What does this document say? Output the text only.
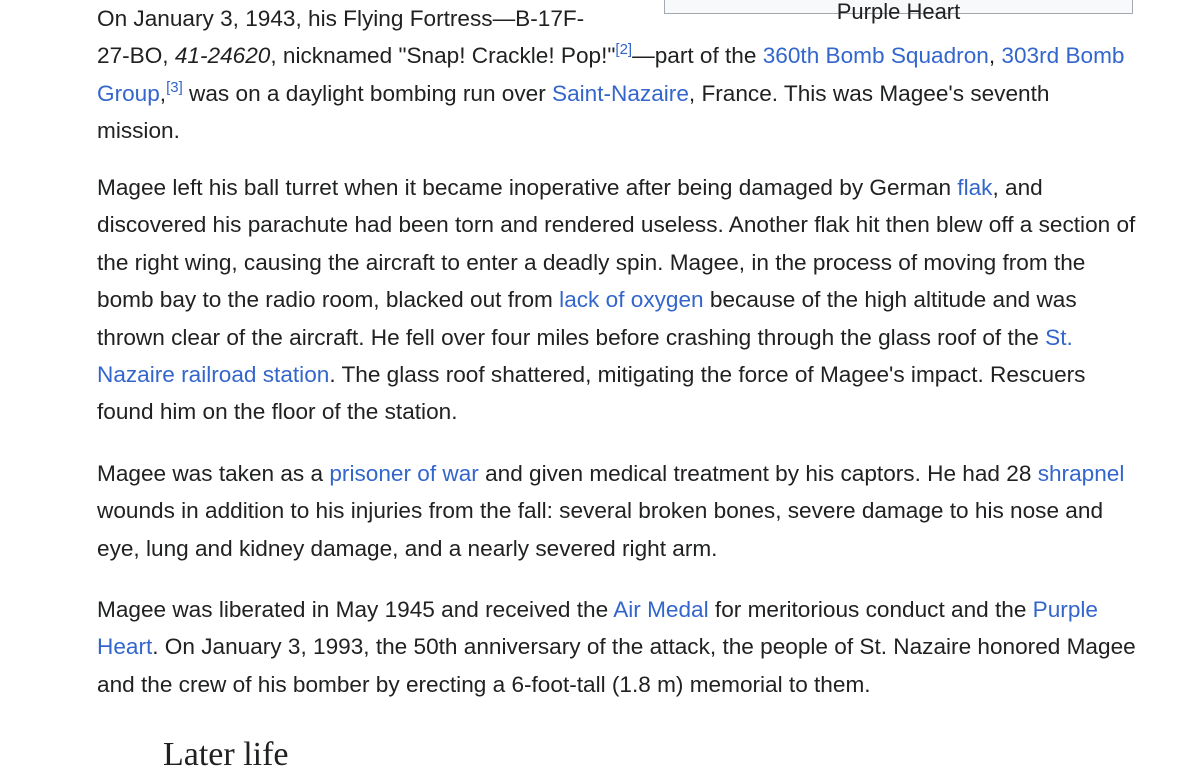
Purple Heart

On January 3, 1943, his Flying Fortress—B-17F-
27-BO, 41-24620, nicknamed "Snap! Crackle! Pop!"[2]—part of the 360th Bomb Squadron, 303rd Bomb Group,[3] was on a daylight bombing run over Saint-Nazaire, France. This was Magee's seventh mission.

Magee left his ball turret when it became inoperative after being damaged by German flak, and discovered his parachute had been torn and rendered useless. Another flak hit then blew off a section of the right wing, causing the aircraft to enter a deadly spin. Magee, in the process of moving from the bomb bay to the radio room, blacked out from lack of oxygen because of the high altitude and was thrown clear of the aircraft. He fell over four miles before crashing through the glass roof of the St. Nazaire railroad station. The glass roof shattered, mitigating the force of Magee's impact. Rescuers found him on the floor of the station.

Magee was taken as a prisoner of war and given medical treatment by his captors. He had 28 shrapnel wounds in addition to his injuries from the fall: several broken bones, severe damage to his nose and eye, lung and kidney damage, and a nearly severed right arm.

Magee was liberated in May 1945 and received the Air Medal for meritorious conduct and the Purple Heart. On January 3, 1993, the 50th anniversary of the attack, the people of St. Nazaire honored Magee and the crew of his bomber by erecting a 6-foot-tall (1.8 m) memorial to them.

Later life
